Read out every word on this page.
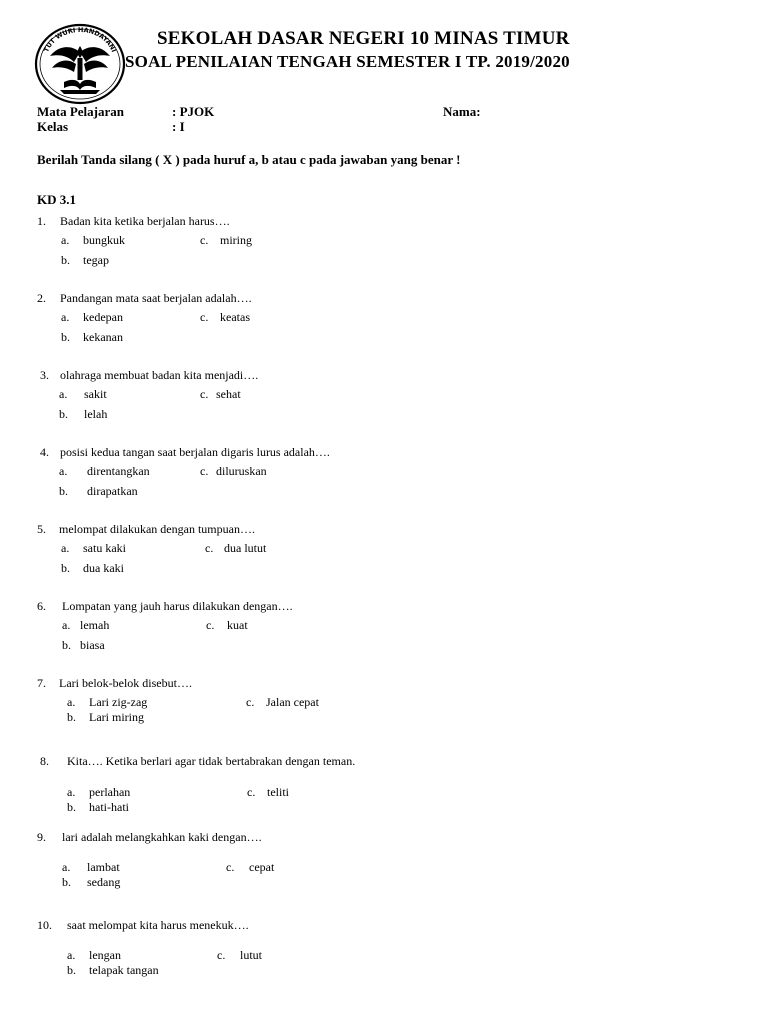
TUT WURI HANDAYANI
SEKOLAH DASAR NEGERI 10 MINAS TIMUR
SOAL PENILAIAN TENGAH SEMESTER I TP. 2019/2020
Mata Pelajaran	: PJOK	Nama:
Kelas	: I
Berilah Tanda silang ( X ) pada huruf a, b atau c pada jawaban yang benar !
KD 3.1
1. Badan kita ketika berjalan harus….
a. bungkuk	c. miring
b. tegap
2. Pandangan mata saat berjalan adalah….
a. kedepan	c. keatas
b. kekanan
3. olahraga membuat badan kita menjadi….
a. sakit	c. sehat
b. lelah
4. posisi kedua tangan saat berjalan digaris lurus adalah….
a. direntangkan	c. diluruskan
b. dirapatkan
5. melompat dilakukan dengan tumpuan….
a. satu kaki	c. dua lutut
b. dua kaki
6. Lompatan yang jauh harus dilakukan dengan….
a. lemah	c. kuat
b. biasa
7. Lari belok-belok disebut….
a. Lari zig-zag	c. Jalan cepat
b. Lari miring
8. Kita…. Ketika berlari agar tidak bertabrakan dengan teman.
a. perlahan	c. teliti
b. hati-hati
9. lari adalah melangkahkan kaki dengan….
a. lambat	c. cepat
b. sedang
10. saat melompat kita harus menekuk….
a. lengan	c. lutut
b. telapak tangan
